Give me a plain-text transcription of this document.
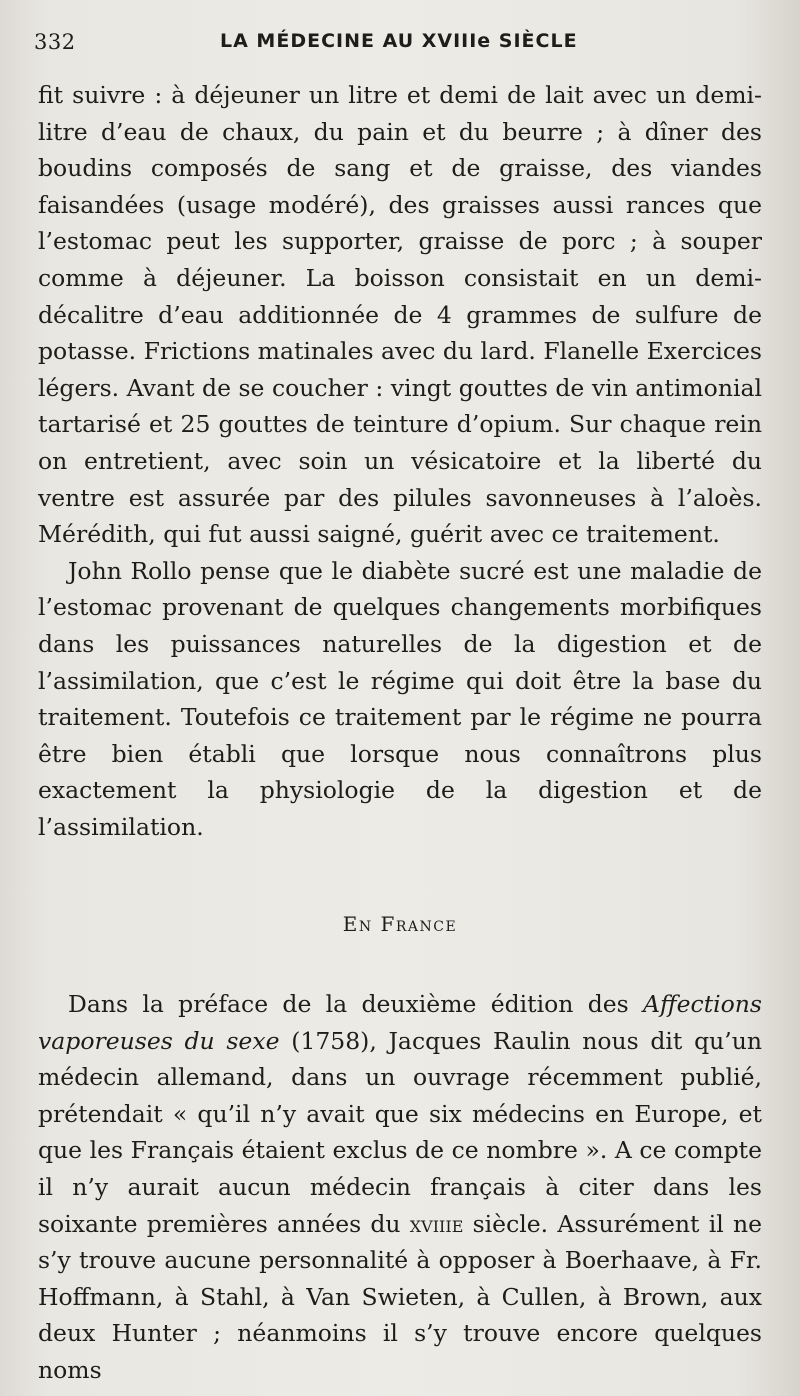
332	LA MÉDECINE AU XVIIIe SIÈCLE

fit suivre : à déjeuner un litre et demi de lait avec un demi-litre d’eau de chaux, du pain et du beurre ; à dîner des boudins composés de sang et de graisse, des viandes faisandées (usage modéré), des graisses aussi rances que l’estomac peut les supporter, graisse de porc ; à souper comme à déjeuner. La boisson consistait en un demi-décalitre d’eau additionnée de 4 grammes de sulfure de potasse. Frictions matinales avec du lard. Flanelle Exercices légers. Avant de se coucher : vingt gouttes de vin antimonial tartarisé et 25 gouttes de teinture d’opium. Sur chaque rein on entretient, avec soin un vésicatoire et la liberté du ventre est assurée par des pilules savonneuses à l’aloès. Mérédith, qui fut aussi saigné, guérit avec ce traitement.

John Rollo pense que le diabète sucré est une maladie de l’estomac provenant de quelques changements morbifiques dans les puissances naturelles de la digestion et de l’assimilation, que c’est le régime qui doit être la base du traitement. Toutefois ce traitement par le régime ne pourra être bien établi que lorsque nous connaîtrons plus exactement la physiologie de la digestion et de l’assimilation.

En France

Dans la préface de la deuxième édition des Affections vaporeuses du sexe (1758), Jacques Raulin nous dit qu’un médecin allemand, dans un ouvrage récemment publié, prétendait « qu’il n’y avait que six médecins en Europe, et que les Français étaient exclus de ce nombre ». A ce compte il n’y aurait aucun médecin français à citer dans les soixante premières années du xviiie siècle. Assurément il ne s’y trouve aucune personnalité à opposer à Boerhaave, à Fr. Hoffmann, à Stahl, à Van Swieten, à Cullen, à Brown, aux deux Hunter ; néanmoins il s’y trouve encore quelques noms
